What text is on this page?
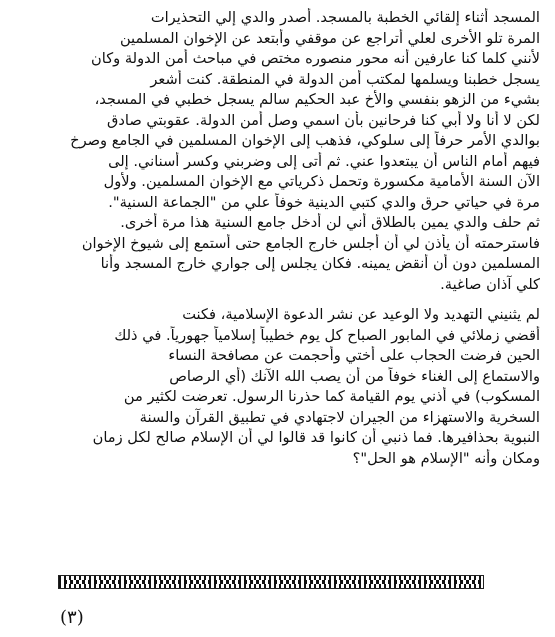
المسجد أثناء إلقائي الخطبة بالمسجد. أصدر والدي إلي التحذيرات
المرة تلو الأخرى لعلي أتراجع عن موقفي وأبتعد عن الإخوان المسلمين
لأنني كلما كنا عارفين أنه محور منصوره مختص في مباحث أمن الدولة وكان
يسجل خطبنا ويسلمها لمكتب أمن الدولة في المنطقة. كنت أشعر
بشيء من الزهو بنفسي والأخ عبد الحكيم سالم يسجل خطبي في المسجد،
لكن لا أنا ولا أبي كنا فرحانين بأن اسمي وصل أمن الدولة. عقوبتي صادق
بوالدي الأمر حرفاً إلى سلوكي، فذهب إلى الإخوان المسلمين في الجامع وصرخ
فيهم أمام الناس أن يبتعدوا عني. ثم أتى إلى وضربني وكسر أسناني. إلى
الآن السنة الأمامية مكسورة وتحمل ذكرياتي مع الإخوان المسلمين. ولأول
مرة في حياتي حرق والدي كتبي الدينية خوفاً علي من "الجماعة السنية".
ثم حلف والدي يمين بالطلاق أني لن أدخل جامع السنية هذا مرة أخرى.
فاسترحمته أن يأذن لي أن أجلس خارج الجامع حتى أستمع إلى شيوخ الإخوان
المسلمين دون أن أنقض يمينه. فكان يجلس إلى جواري خارج المسجد وأنا
كلي آذان صاغية.
لم يثنيني التهديد ولا الوعيد عن نشر الدعوة الإسلامية، فكنت
أقضي زملائي في المابور الصباح كل يوم خطيباً إسلامياً جهورياً. في ذلك
الحين فرضت الحجاب على أختي وأحجمت عن مصافحة النساء
والاستماع إلى الغناء خوفاً من أن يصب الله الآنك (أي الرصاص
المسكوب) في أذني يوم القيامة كما حذرنا الرسول. تعرضت لكثير من
السخرية والاستهزاء من الجيران لاجتهادي في تطبيق القرآن والسنة
النبوية بحذافيرها. فما ذنبي أن كانوا قد قالوا لي أن الإسلام صالح لكل زمان
ومكان وأنه "الإسلام هو الحل"؟
(٣)
